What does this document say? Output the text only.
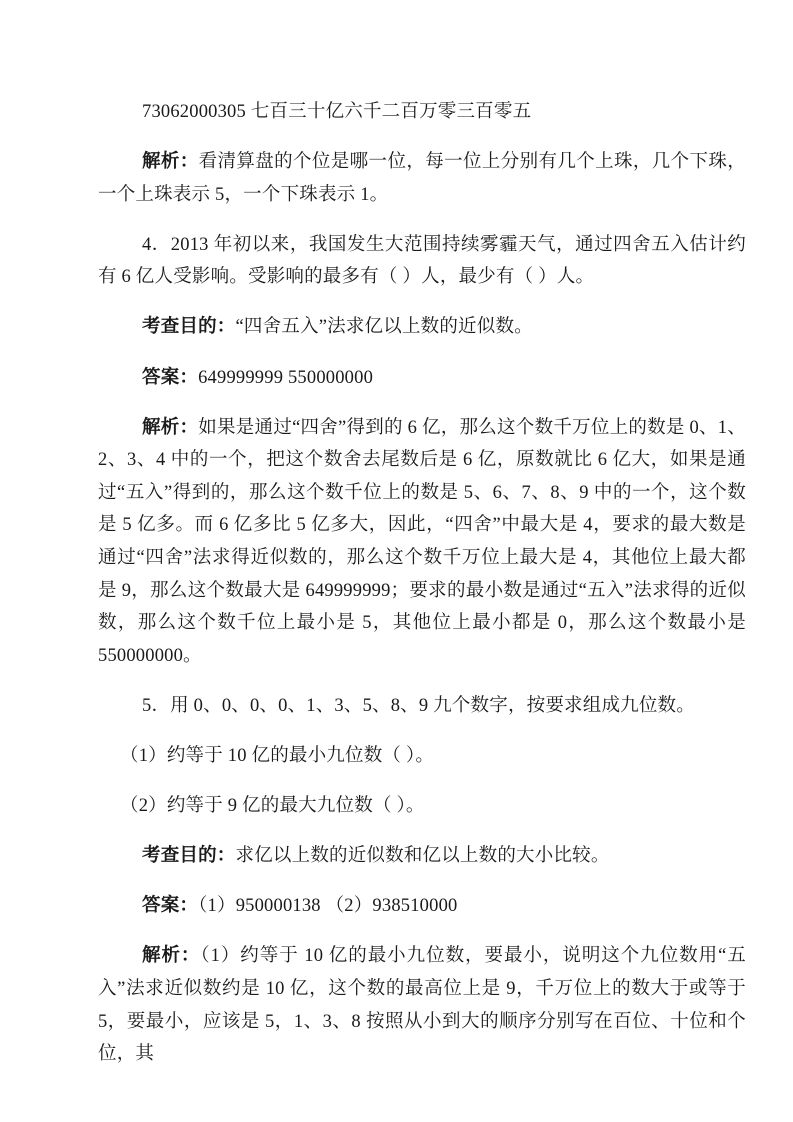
73062000305 七百三十亿六千二百万零三百零五

解析：看清算盘的个位是哪一位，每一位上分别有几个上珠，几个下珠，一个上珠表示 5，一个下珠表示 1。

4．2013 年初以来，我国发生大范围持续雾霾天气，通过四舍五入估计约有 6 亿人受影响。受影响的最多有（ ）人，最少有（ ）人。

考查目的：“四舍五入”法求亿以上数的近似数。

答案：649999999 550000000

解析：如果是通过“四舍”得到的 6 亿，那么这个数千万位上的数是 0、1、2、3、4 中的一个，把这个数舍去尾数后是 6 亿，原数就比 6 亿大，如果是通过“五入”得到的，那么这个数千位上的数是 5、6、7、8、9 中的一个，这个数是 5 亿多。而 6 亿多比 5 亿多大，因此，“四舍”中最大是 4，要求的最大数是通过“四舍”法求得近似数的，那么这个数千万位上最大是 4，其他位上最大都是 9，那么这个数最大是 649999999；要求的最小数是通过“五入”法求得的近似数，那么这个数千位上最小是 5，其他位上最小都是 0，那么这个数最小是 550000000。

5．用 0、0、0、0、1、3、5、8、9 九个数字，按要求组成九位数。

（1）约等于 10 亿的最小九位数（ ）。

（2）约等于 9 亿的最大九位数（ ）。

考查目的：求亿以上数的近似数和亿以上数的大小比较。

答案：（1）950000138 （2）938510000

解析：（1）约等于 10 亿的最小九位数，要最小，说明这个九位数用“五入”法求近似数约是 10 亿，这个数的最高位上是 9，千万位上的数大于或等于 5，要最小，应该是 5，1、3、8 按照从小到大的顺序分别写在百位、十位和个位，其
